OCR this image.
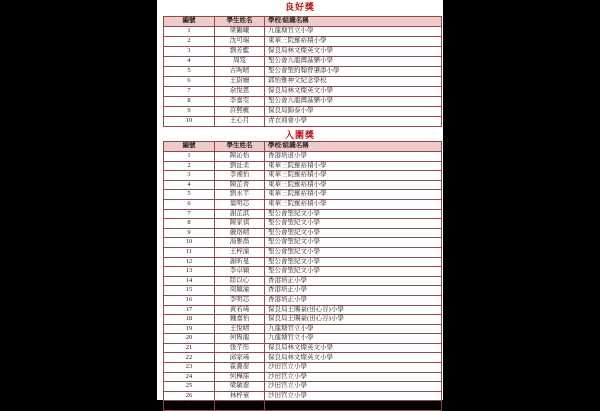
良好獎
編號	學生姓名	學校/組織名稱
1	梁鶴曦	九龍塘官立小學
2	沈可瑞	東華三院羅裕積小學
3	劉芳藍	保良局林文燦英文小學
4	周笈	聖公會九龍灣基樂小學
5	古昫晴	聖公會聖約翰曾肇添小學
6	王尉姍	郭怡雅神父紀念學校
7	余悅恩	保良局林文燦英文小學
8	李嘉雯	聖公會九龍灣基樂小學
9	許熙榳	保良局錦泰小學
10	王心月	青衣商會小學
入圍獎
編號	學生姓名	學校/組織名稱
1	陳沁怡	香港培道小學
2	劉沚柔	東華三院羅裕積小學
3	李湘怡	東華三院羅裕積小學
4	陳芷菁	東華三院羅裕積小學
5	劉永芊	東華三院羅裕積小學
6	葉明芯	東華三院羅裕積小學
7	謝芷淇	聖公會聖紀文小學
8	陳家祺	聖公會聖紀文小學
9	嚴珞晴	聖公會聖紀文小學
10	湯雅喬	聖公會聖紀文小學
11	王梓潼	聖公會聖紀文小學
12	謝昕旻	聖公會聖紀文小學
13	李卓穎	聖公會聖紀文小學
14	陸以心	香港培正小學
15	周穎潼	香港培正小學
16	李明芯	香港培正小學
17	黃若琋	保良局王賜豪(田心谷)小學
18	鍾嘉怡	保良局王賜豪(田心谷)小學
19	王悅晴	九龍塘官立小學
20	何雋龍	九龍塘官立小學
21	張芊彤	保良局林文燦英文小學
22	邱家琋	保良局林文燦英文小學
23	霍潞蕎	沙田官立小學
24	何樺霈	沙田官立小學
25	梁敏蕎	沙田官立小學
26	林梓菫	沙田官立小學
27		
